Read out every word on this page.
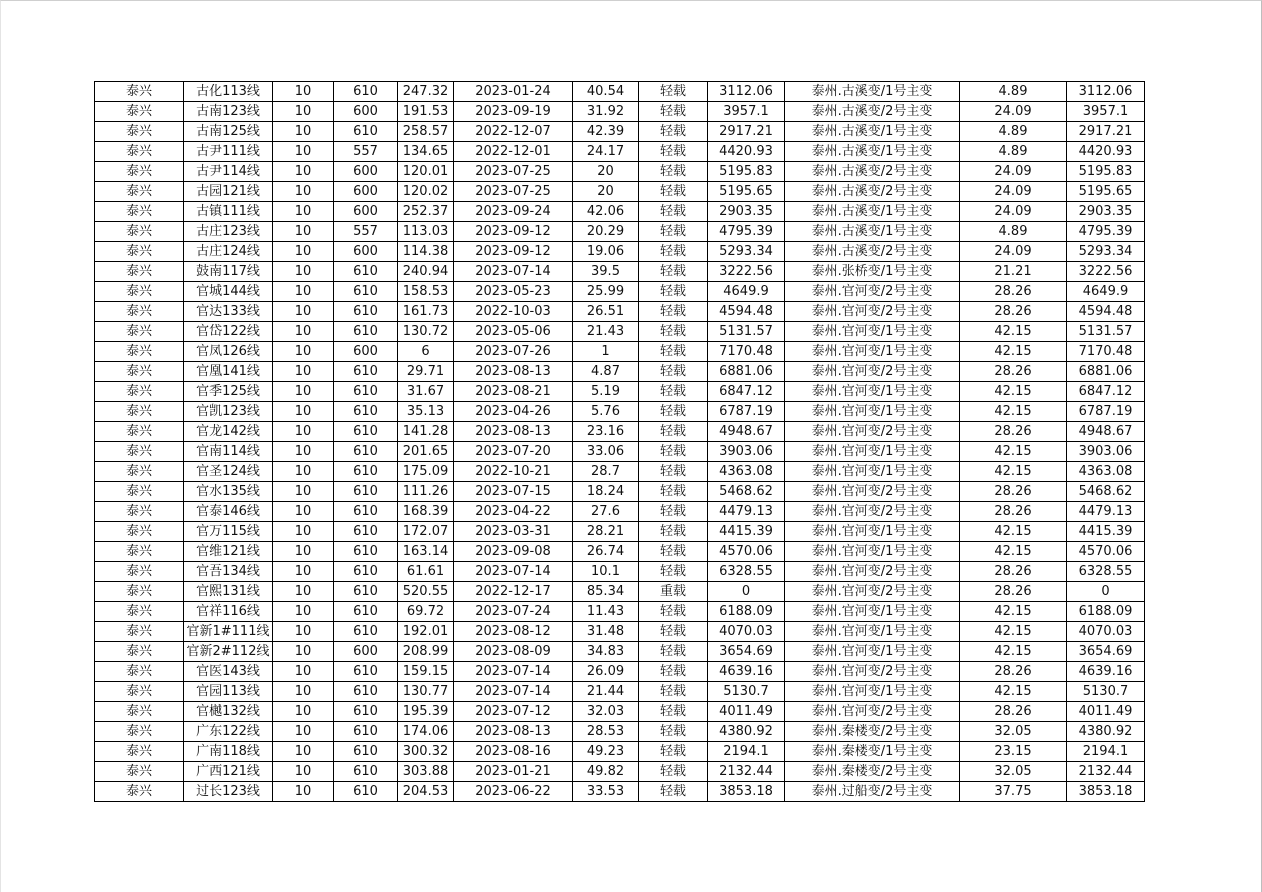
泰兴	古化113线	10	610	247.32	2023-01-24	40.54	轻载	3112.06	泰州.古溪变/1号主变	4.89	3112.06
泰兴	古南123线	10	600	191.53	2023-09-19	31.92	轻载	3957.1	泰州.古溪变/2号主变	24.09	3957.1
泰兴	古南125线	10	610	258.57	2022-12-07	42.39	轻载	2917.21	泰州.古溪变/1号主变	4.89	2917.21
泰兴	古尹111线	10	557	134.65	2022-12-01	24.17	轻载	4420.93	泰州.古溪变/1号主变	4.89	4420.93
泰兴	古尹114线	10	600	120.01	2023-07-25	20	轻载	5195.83	泰州.古溪变/2号主变	24.09	5195.83
泰兴	古园121线	10	600	120.02	2023-07-25	20	轻载	5195.65	泰州.古溪变/2号主变	24.09	5195.65
泰兴	古镇111线	10	600	252.37	2023-09-24	42.06	轻载	2903.35	泰州.古溪变/1号主变	24.09	2903.35
泰兴	古庄123线	10	557	113.03	2023-09-12	20.29	轻载	4795.39	泰州.古溪变/1号主变	4.89	4795.39
泰兴	古庄124线	10	600	114.38	2023-09-12	19.06	轻载	5293.34	泰州.古溪变/2号主变	24.09	5293.34
泰兴	鼓南117线	10	610	240.94	2023-07-14	39.5	轻载	3222.56	泰州.张桥变/1号主变	21.21	3222.56
泰兴	官城144线	10	610	158.53	2023-05-23	25.99	轻载	4649.9	泰州.官河变/2号主变	28.26	4649.9
泰兴	官达133线	10	610	161.73	2022-10-03	26.51	轻载	4594.48	泰州.官河变/2号主变	28.26	4594.48
泰兴	官岱122线	10	610	130.72	2023-05-06	21.43	轻载	5131.57	泰州.官河变/1号主变	42.15	5131.57
泰兴	官凤126线	10	600	6	2023-07-26	1	轻载	7170.48	泰州.官河变/1号主变	42.15	7170.48
泰兴	官凰141线	10	610	29.71	2023-08-13	4.87	轻载	6881.06	泰州.官河变/2号主变	28.26	6881.06
泰兴	官季125线	10	610	31.67	2023-08-21	5.19	轻载	6847.12	泰州.官河变/1号主变	42.15	6847.12
泰兴	官凯123线	10	610	35.13	2023-04-26	5.76	轻载	6787.19	泰州.官河变/1号主变	42.15	6787.19
泰兴	官龙142线	10	610	141.28	2023-08-13	23.16	轻载	4948.67	泰州.官河变/2号主变	28.26	4948.67
泰兴	官南114线	10	610	201.65	2023-07-20	33.06	轻载	3903.06	泰州.官河变/1号主变	42.15	3903.06
泰兴	官圣124线	10	610	175.09	2022-10-21	28.7	轻载	4363.08	泰州.官河变/1号主变	42.15	4363.08
泰兴	官水135线	10	610	111.26	2023-07-15	18.24	轻载	5468.62	泰州.官河变/2号主变	28.26	5468.62
泰兴	官泰146线	10	610	168.39	2023-04-22	27.6	轻载	4479.13	泰州.官河变/2号主变	28.26	4479.13
泰兴	官万115线	10	610	172.07	2023-03-31	28.21	轻载	4415.39	泰州.官河变/1号主变	42.15	4415.39
泰兴	官维121线	10	610	163.14	2023-09-08	26.74	轻载	4570.06	泰州.官河变/1号主变	42.15	4570.06
泰兴	官吾134线	10	610	61.61	2023-07-14	10.1	轻载	6328.55	泰州.官河变/2号主变	28.26	6328.55
泰兴	官熙131线	10	610	520.55	2022-12-17	85.34	重载	0	泰州.官河变/2号主变	28.26	0
泰兴	官祥116线	10	610	69.72	2023-07-24	11.43	轻载	6188.09	泰州.官河变/1号主变	42.15	6188.09
泰兴	官新1#111线	10	610	192.01	2023-08-12	31.48	轻载	4070.03	泰州.官河变/1号主变	42.15	4070.03
泰兴	官新2#112线	10	600	208.99	2023-08-09	34.83	轻载	3654.69	泰州.官河变/1号主变	42.15	3654.69
泰兴	官医143线	10	610	159.15	2023-07-14	26.09	轻载	4639.16	泰州.官河变/2号主变	28.26	4639.16
泰兴	官园113线	10	610	130.77	2023-07-14	21.44	轻载	5130.7	泰州.官河变/1号主变	42.15	5130.7
泰兴	官樾132线	10	610	195.39	2023-07-12	32.03	轻载	4011.49	泰州.官河变/2号主变	28.26	4011.49
泰兴	广东122线	10	610	174.06	2023-08-13	28.53	轻载	4380.92	泰州.秦楼变/2号主变	32.05	4380.92
泰兴	广南118线	10	610	300.32	2023-08-16	49.23	轻载	2194.1	泰州.秦楼变/1号主变	23.15	2194.1
泰兴	广西121线	10	610	303.88	2023-01-21	49.82	轻载	2132.44	泰州.秦楼变/2号主变	32.05	2132.44
泰兴	过长123线	10	610	204.53	2023-06-22	33.53	轻载	3853.18	泰州.过船变/2号主变	37.75	3853.18
